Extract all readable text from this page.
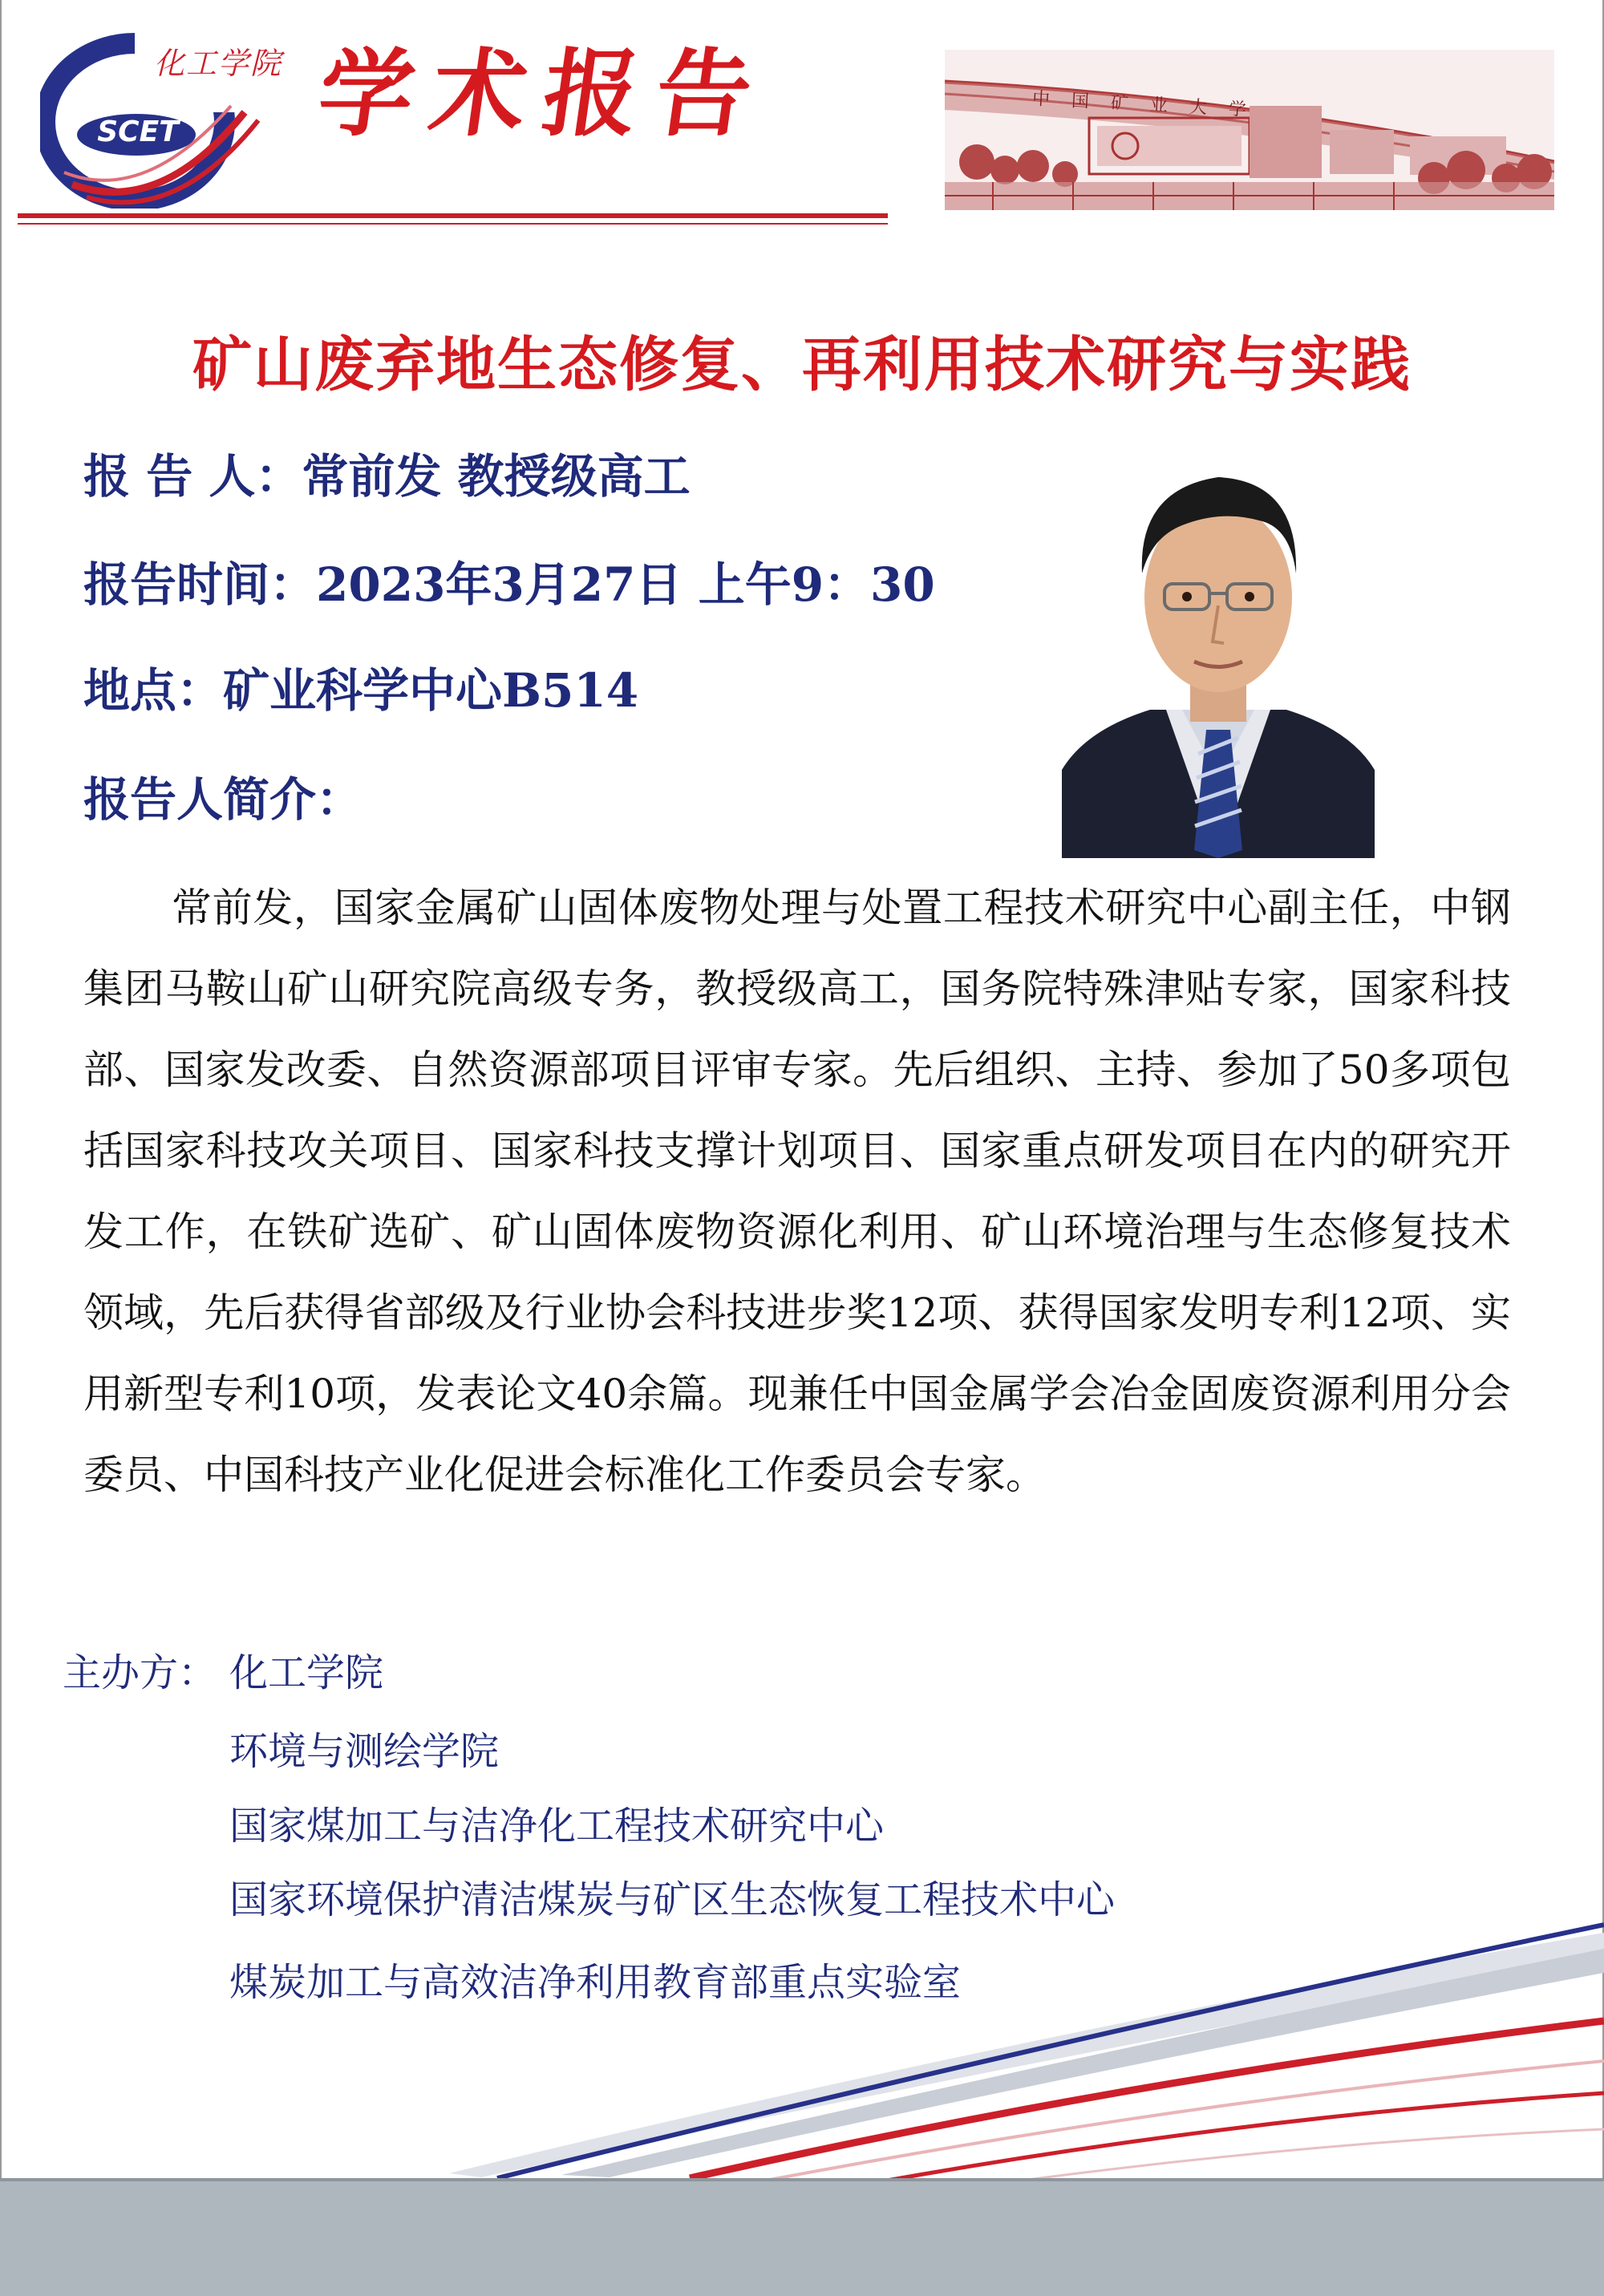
SCET
化工学院 学术报告	中 国 矿 业 大 学
矿山废弃地生态修复、再利用技术研究与实践
报 告 人：常前发 教授级高工
报告时间：2023年3月27日 上午9：30
地点：矿业科学中心B514
报告人简介：
常前发，国家金属矿山固体废物处理与处置工程技术研究中心副主任，中钢集团马鞍山矿山研究院高级专务，教授级高工，国务院特殊津贴专家，国家科技部、国家发改委、自然资源部项目评审专家。先后组织、主持、参加了50多项包括国家科技攻关项目、国家科技支撑计划项目、国家重点研发项目在内的研究开发工作，在铁矿选矿、矿山固体废物资源化利用、矿山环境治理与生态修复技术领域，先后获得省部级及行业协会科技进步奖12项、获得国家发明专利12项、实用新型专利10项，发表论文40余篇。现兼任中国金属学会冶金固废资源利用分会委员、中国科技产业化促进会标准化工作委员会专家。
主办方： 化工学院
环境与测绘学院
国家煤加工与洁净化工程技术研究中心
国家环境保护清洁煤炭与矿区生态恢复工程技术中心
煤炭加工与高效洁净利用教育部重点实验室
